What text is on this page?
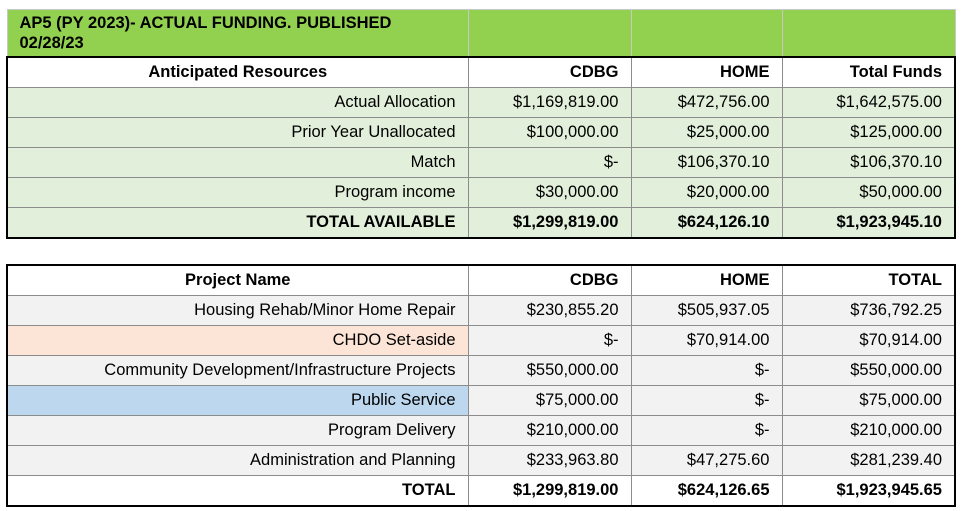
AP5 (PY 2023)- ACTUAL FUNDING. PUBLISHED 02/28/23			
Anticipated Resources	CDBG	HOME	Total Funds
Actual Allocation	$1,169,819.00	$472,756.00	$1,642,575.00
Prior Year Unallocated	$100,000.00	$25,000.00	$125,000.00
Match	$-	$106,370.10	$106,370.10
Program income	$30,000.00	$20,000.00	$50,000.00
TOTAL AVAILABLE	$1,299,819.00	$624,126.10	$1,923,945.10
Project Name	CDBG	HOME	TOTAL
Housing Rehab/Minor Home Repair	$230,855.20	$505,937.05	$736,792.25
CHDO Set-aside	$-	$70,914.00	$70,914.00
Community Development/Infrastructure Projects	$550,000.00	$-	$550,000.00
Public Service	$75,000.00	$-	$75,000.00
Program Delivery	$210,000.00	$-	$210,000.00
Administration and Planning	$233,963.80	$47,275.60	$281,239.40
TOTAL	$1,299,819.00	$624,126.65	$1,923,945.65
